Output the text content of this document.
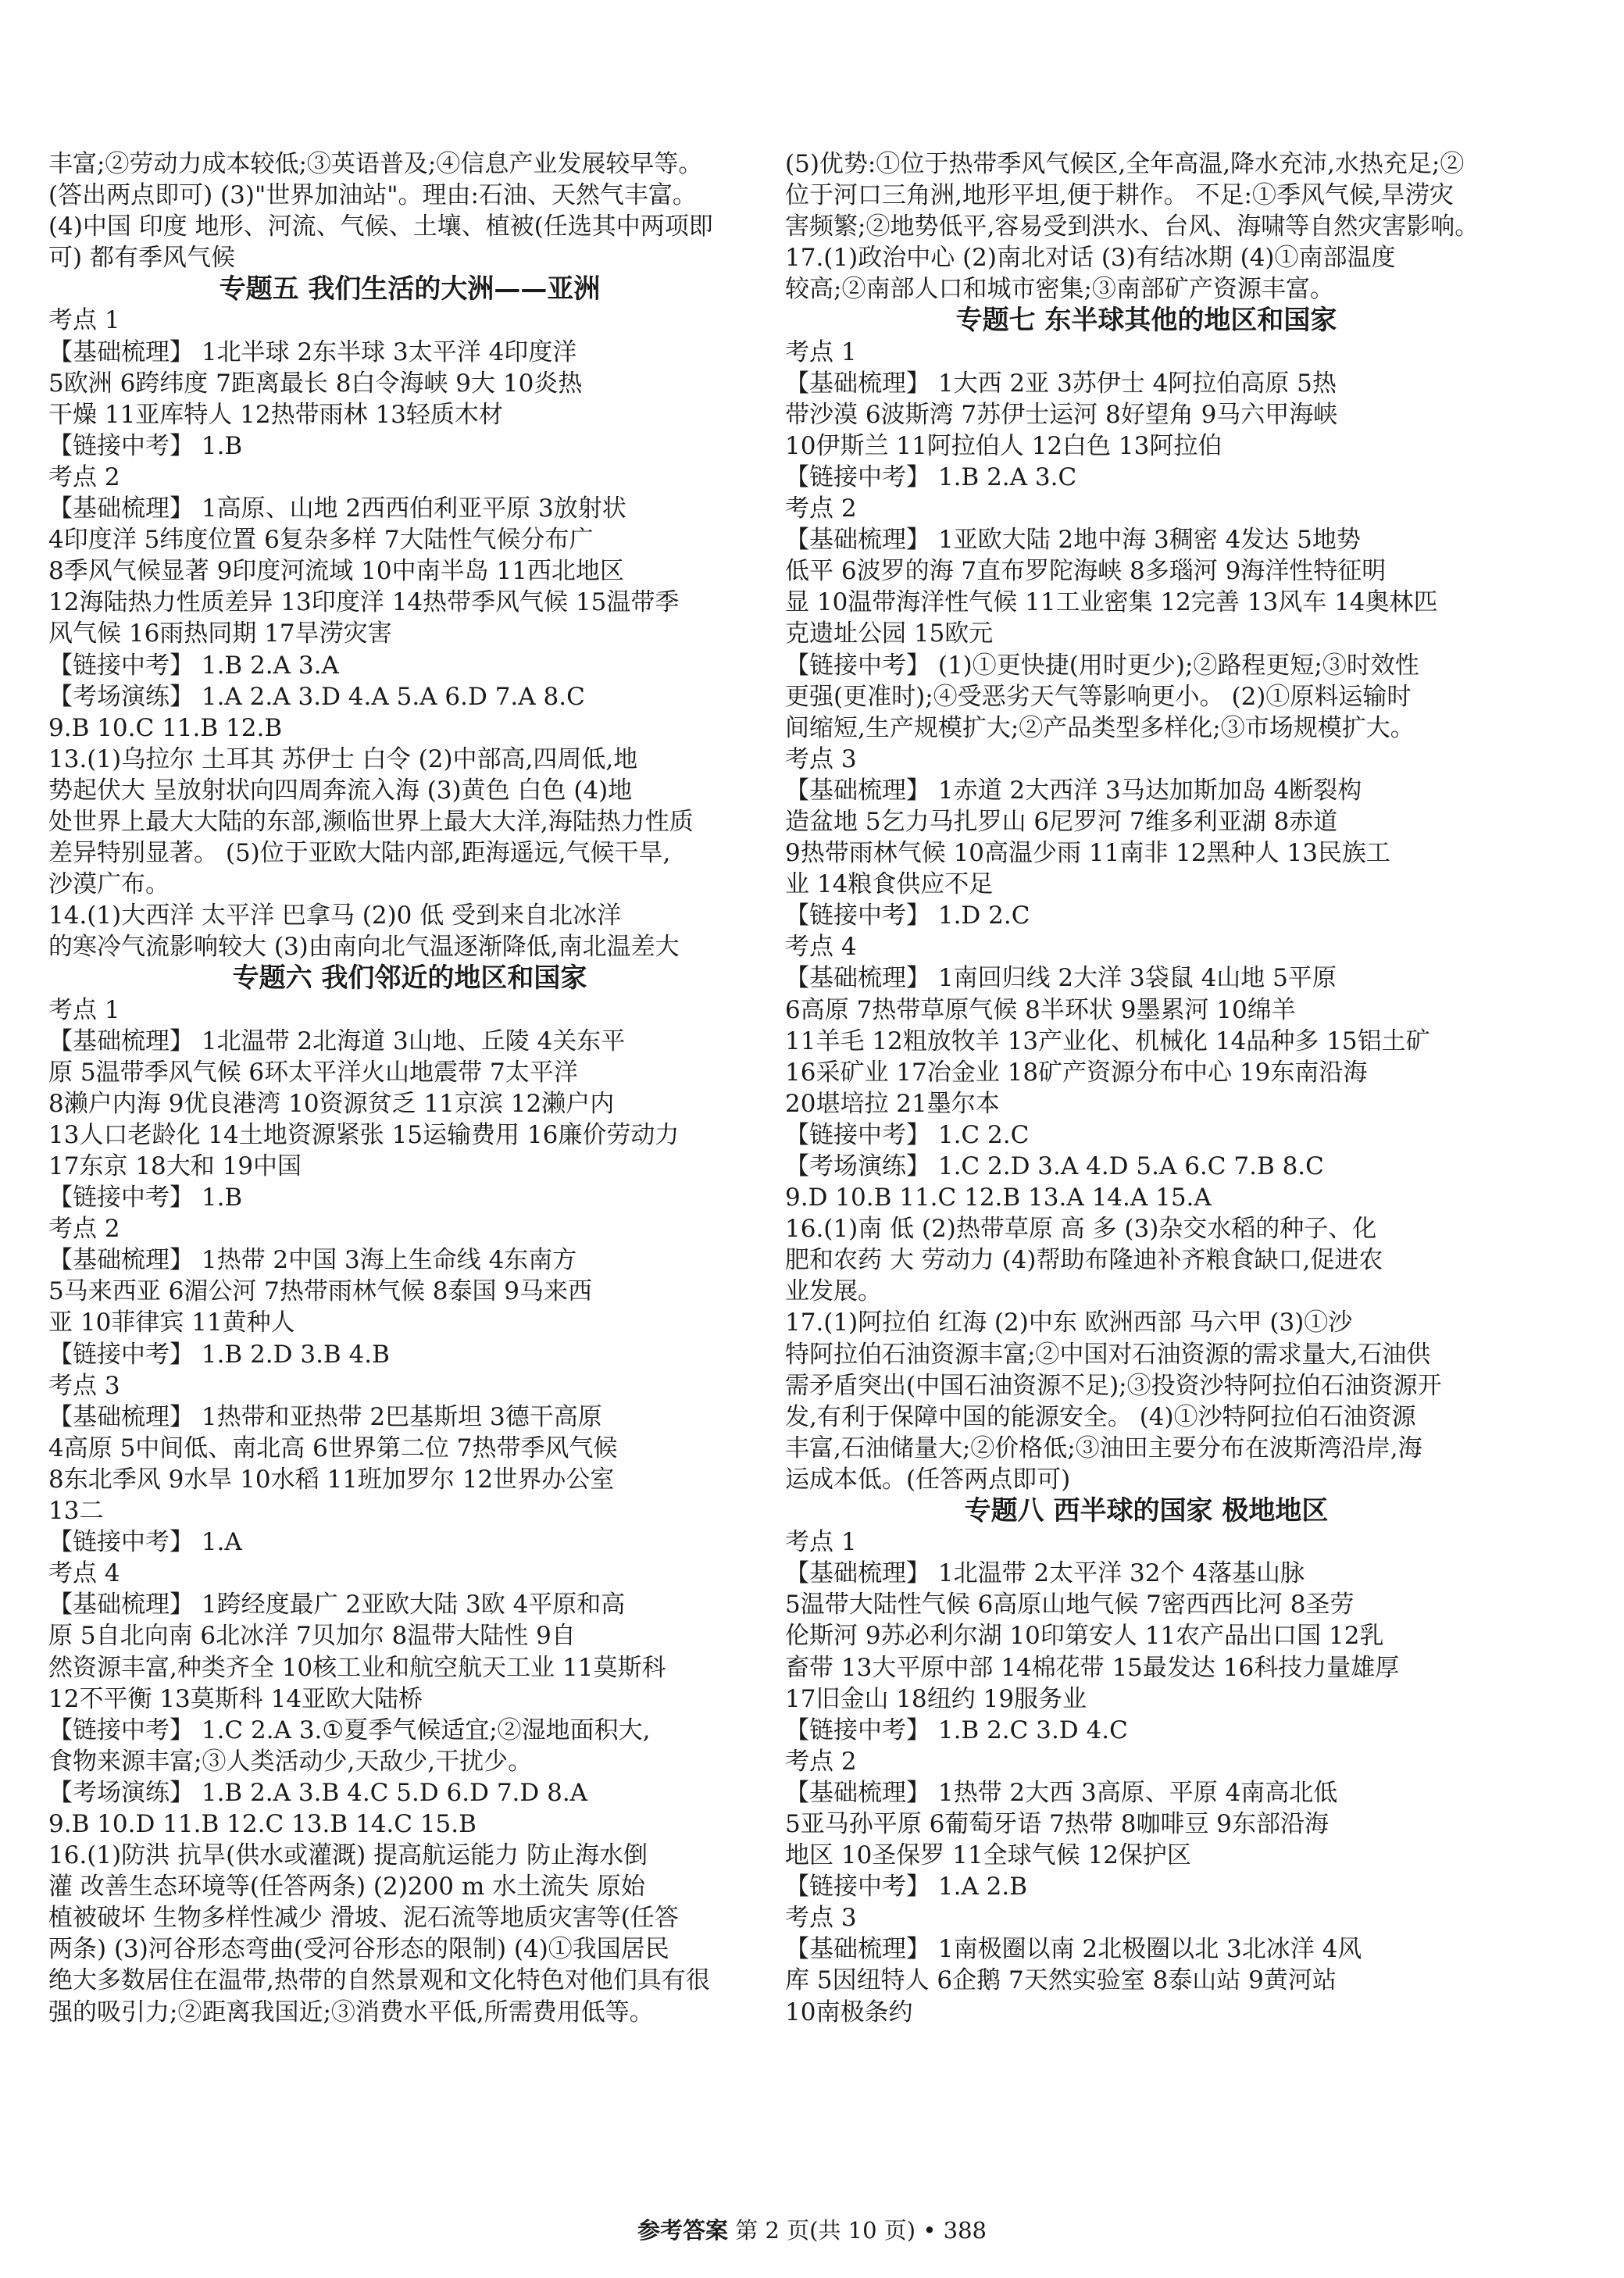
丰富;②劳动力成本较低;③英语普及;④信息产业发展较早等。
(答出两点即可) (3)"世界加油站"。理由:石油、天然气丰富。
(4)中国 印度 地形、河流、气候、土壤、植被(任选其中两项即
可) 都有季风气候
专题五 我们生活的大洲——亚洲
考点 1
【基础梳理】 1北半球 2东半球 3太平洋 4印度洋
5欧洲 6跨纬度 7距离最长 8白令海峡 9大 10炎热
干燥 11亚库特人 12热带雨林 13轻质木材
【链接中考】 1.B
考点 2
【基础梳理】 1高原、山地 2西西伯利亚平原 3放射状
4印度洋 5纬度位置 6复杂多样 7大陆性气候分布广
8季风气候显著 9印度河流域 10中南半岛 11西北地区
12海陆热力性质差异 13印度洋 14热带季风气候 15温带季
风气候 16雨热同期 17旱涝灾害
【链接中考】 1.B 2.A 3.A
【考场演练】 1.A 2.A 3.D 4.A 5.A 6.D 7.A 8.C
9.B 10.C 11.B 12.B
13.(1)乌拉尔 土耳其 苏伊士 白令 (2)中部高,四周低,地
势起伏大 呈放射状向四周奔流入海 (3)黄色 白色 (4)地
处世界上最大大陆的东部,濒临世界上最大大洋,海陆热力性质
差异特别显著。 (5)位于亚欧大陆内部,距海遥远,气候干旱,
沙漠广布。
14.(1)大西洋 太平洋 巴拿马 (2)0 低 受到来自北冰洋
的寒冷气流影响较大 (3)由南向北气温逐渐降低,南北温差大
专题六 我们邻近的地区和国家
考点 1
【基础梳理】 1北温带 2北海道 3山地、丘陵 4关东平
原 5温带季风气候 6环太平洋火山地震带 7太平洋
8濑户内海 9优良港湾 10资源贫乏 11京滨 12濑户内
13人口老龄化 14土地资源紧张 15运输费用 16廉价劳动力
17东京 18大和 19中国
【链接中考】 1.B
考点 2
【基础梳理】 1热带 2中国 3海上生命线 4东南方
5马来西亚 6湄公河 7热带雨林气候 8泰国 9马来西
亚 10菲律宾 11黄种人
【链接中考】 1.B 2.D 3.B 4.B
考点 3
【基础梳理】 1热带和亚热带 2巴基斯坦 3德干高原
4高原 5中间低、南北高 6世界第二位 7热带季风气候
8东北季风 9水旱 10水稻 11班加罗尔 12世界办公室
13二
【链接中考】 1.A
考点 4
【基础梳理】 1跨经度最广 2亚欧大陆 3欧 4平原和高
原 5自北向南 6北冰洋 7贝加尔 8温带大陆性 9自
然资源丰富,种类齐全 10核工业和航空航天工业 11莫斯科
12不平衡 13莫斯科 14亚欧大陆桥
【链接中考】 1.C 2.A 3.①夏季气候适宜;②湿地面积大,
食物来源丰富;③人类活动少,天敌少,干扰少。
【考场演练】 1.B 2.A 3.B 4.C 5.D 6.D 7.D 8.A
9.B 10.D 11.B 12.C 13.B 14.C 15.B
16.(1)防洪 抗旱(供水或灌溉) 提高航运能力 防止海水倒
灌 改善生态环境等(任答两条) (2)200 m 水土流失 原始
植被破坏 生物多样性减少 滑坡、泥石流等地质灾害等(任答
两条) (3)河谷形态弯曲(受河谷形态的限制) (4)①我国居民
绝大多数居住在温带,热带的自然景观和文化特色对他们具有很
强的吸引力;②距离我国近;③消费水平低,所需费用低等。
(5)优势:①位于热带季风气候区,全年高温,降水充沛,水热充足;②
位于河口三角洲,地形平坦,便于耕作。 不足:①季风气候,旱涝灾
害频繁;②地势低平,容易受到洪水、台风、海啸等自然灾害影响。
17.(1)政治中心 (2)南北对话 (3)有结冰期 (4)①南部温度
较高;②南部人口和城市密集;③南部矿产资源丰富。
专题七 东半球其他的地区和国家
考点 1
【基础梳理】 1大西 2亚 3苏伊士 4阿拉伯高原 5热
带沙漠 6波斯湾 7苏伊士运河 8好望角 9马六甲海峡
10伊斯兰 11阿拉伯人 12白色 13阿拉伯
【链接中考】 1.B 2.A 3.C
考点 2
【基础梳理】 1亚欧大陆 2地中海 3稠密 4发达 5地势
低平 6波罗的海 7直布罗陀海峡 8多瑙河 9海洋性特征明
显 10温带海洋性气候 11工业密集 12完善 13风车 14奥林匹
克遗址公园 15欧元
【链接中考】 (1)①更快捷(用时更少);②路程更短;③时效性
更强(更准时);④受恶劣天气等影响更小。 (2)①原料运输时
间缩短,生产规模扩大;②产品类型多样化;③市场规模扩大。
考点 3
【基础梳理】 1赤道 2大西洋 3马达加斯加岛 4断裂构
造盆地 5乞力马扎罗山 6尼罗河 7维多利亚湖 8赤道
9热带雨林气候 10高温少雨 11南非 12黑种人 13民族工
业 14粮食供应不足
【链接中考】 1.D 2.C
考点 4
【基础梳理】 1南回归线 2大洋 3袋鼠 4山地 5平原
6高原 7热带草原气候 8半环状 9墨累河 10绵羊
11羊毛 12粗放牧羊 13产业化、机械化 14品种多 15铝土矿
16采矿业 17冶金业 18矿产资源分布中心 19东南沿海
20堪培拉 21墨尔本
【链接中考】 1.C 2.C
【考场演练】 1.C 2.D 3.A 4.D 5.A 6.C 7.B 8.C
9.D 10.B 11.C 12.B 13.A 14.A 15.A
16.(1)南 低 (2)热带草原 高 多 (3)杂交水稻的种子、化
肥和农药 大 劳动力 (4)帮助布隆迪补齐粮食缺口,促进农
业发展。
17.(1)阿拉伯 红海 (2)中东 欧洲西部 马六甲 (3)①沙
特阿拉伯石油资源丰富;②中国对石油资源的需求量大,石油供
需矛盾突出(中国石油资源不足);③投资沙特阿拉伯石油资源开
发,有利于保障中国的能源安全。 (4)①沙特阿拉伯石油资源
丰富,石油储量大;②价格低;③油田主要分布在波斯湾沿岸,海
运成本低。(任答两点即可)
专题八 西半球的国家 极地地区
考点 1
【基础梳理】 1北温带 2太平洋 32个 4落基山脉
5温带大陆性气候 6高原山地气候 7密西西比河 8圣劳
伦斯河 9苏必利尔湖 10印第安人 11农产品出口国 12乳
畜带 13大平原中部 14棉花带 15最发达 16科技力量雄厚
17旧金山 18纽约 19服务业
【链接中考】 1.B 2.C 3.D 4.C
考点 2
【基础梳理】 1热带 2大西 3高原、平原 4南高北低
5亚马孙平原 6葡萄牙语 7热带 8咖啡豆 9东部沿海
地区 10圣保罗 11全球气候 12保护区
【链接中考】 1.A 2.B
考点 3
【基础梳理】 1南极圈以南 2北极圈以北 3北冰洋 4风
库 5因纽特人 6企鹅 7天然实验室 8泰山站 9黄河站
10南极条约
参考答案 第 2 页(共 10 页) • 388
